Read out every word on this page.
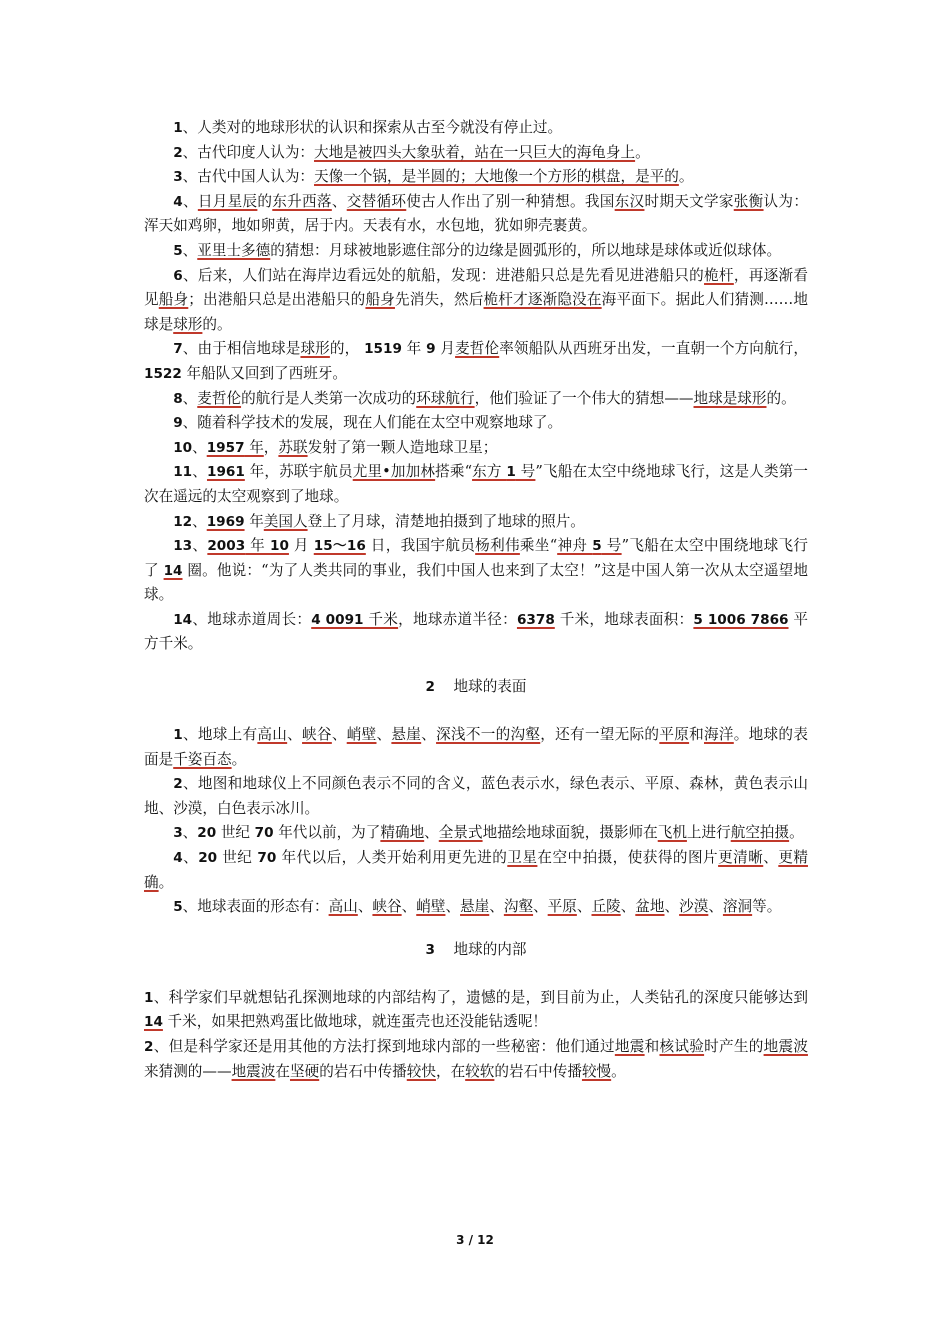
1、人类对的地球形状的认识和探索从古至今就没有停止过。

2、古代印度人认为：大地是被四头大象驮着，站在一只巨大的海龟身上。

3、古代中国人认为：天像一个锅，是半圆的；大地像一个方形的棋盘，是平的。

4、日月星辰的东升西落、交替循环使古人作出了别一种猜想。我国东汉时期天文学家张衡认为：浑天如鸡卵，地如卵黄，居于内。天表有水，水包地，犹如卵壳裹黄。

5、亚里士多德的猜想：月球被地影遮住部分的边缘是圆弧形的，所以地球是球体或近似球体。

6、后来，人们站在海岸边看远处的航船，发现：进港船只总是先看见进港船只的桅杆，再逐渐看见船身；出港船只总是出港船只的船身先消失，然后桅杆才逐渐隐没在海平面下。据此人们猜测……地球是球形的。

7、由于相信地球是球形的， 1519 年 9 月麦哲伦率领船队从西班牙出发，一直朝一个方向航行，1522 年船队又回到了西班牙。

8、麦哲伦的航行是人类第一次成功的环球航行，他们验证了一个伟大的猜想——地球是球形的。

9、随着科学技术的发展，现在人们能在太空中观察地球了。

10、1957 年，苏联发射了第一颗人造地球卫星；

11、1961 年，苏联宇航员尤里•加加林搭乘“东方 1 号”飞船在太空中绕地球飞行，这是人类第一次在遥远的太空观察到了地球。

12、1969 年美国人登上了月球，清楚地拍摄到了地球的照片。

13、2003 年 10 月 15～16 日，我国宇航员杨利伟乘坐“神舟 5 号”飞船在太空中围绕地球飞行了 14 圈。他说：“为了人类共同的事业，我们中国人也来到了太空！”这是中国人第一次从太空遥望地球。

14、地球赤道周长：4 0091 千米，地球赤道半径：6378 千米，地球表面积：5 1006 7866 平方千米。

2 地球的表面

1、地球上有高山、峡谷、峭壁、悬崖、深浅不一的沟壑，还有一望无际的平原和海洋。地球的表面是千姿百态。

2、地图和地球仪上不同颜色表示不同的含义，蓝色表示水，绿色表示、平原、森林，黄色表示山地、沙漠，白色表示冰川。

3、20 世纪 70 年代以前，为了精确地、全景式地描绘地球面貌，摄影师在飞机上进行航空拍摄。

4、20 世纪 70 年代以后，人类开始利用更先进的卫星在空中拍摄，使获得的图片更清晰、更精确。

5、地球表面的形态有：高山、峡谷、峭壁、悬崖、沟壑、平原、丘陵、盆地、沙漠、溶洞等。

3 地球的内部

1、科学家们早就想钻孔探测地球的内部结构了，遗憾的是，到目前为止，人类钻孔的深度只能够达到 14 千米，如果把熟鸡蛋比做地球，就连蛋壳也还没能钻透呢！

2、但是科学家还是用其他的方法打探到地球内部的一些秘密：他们通过地震和核试验时产生的地震波来猜测的——地震波在坚硬的岩石中传播较快，在较软的岩石中传播较慢。

3 / 12
